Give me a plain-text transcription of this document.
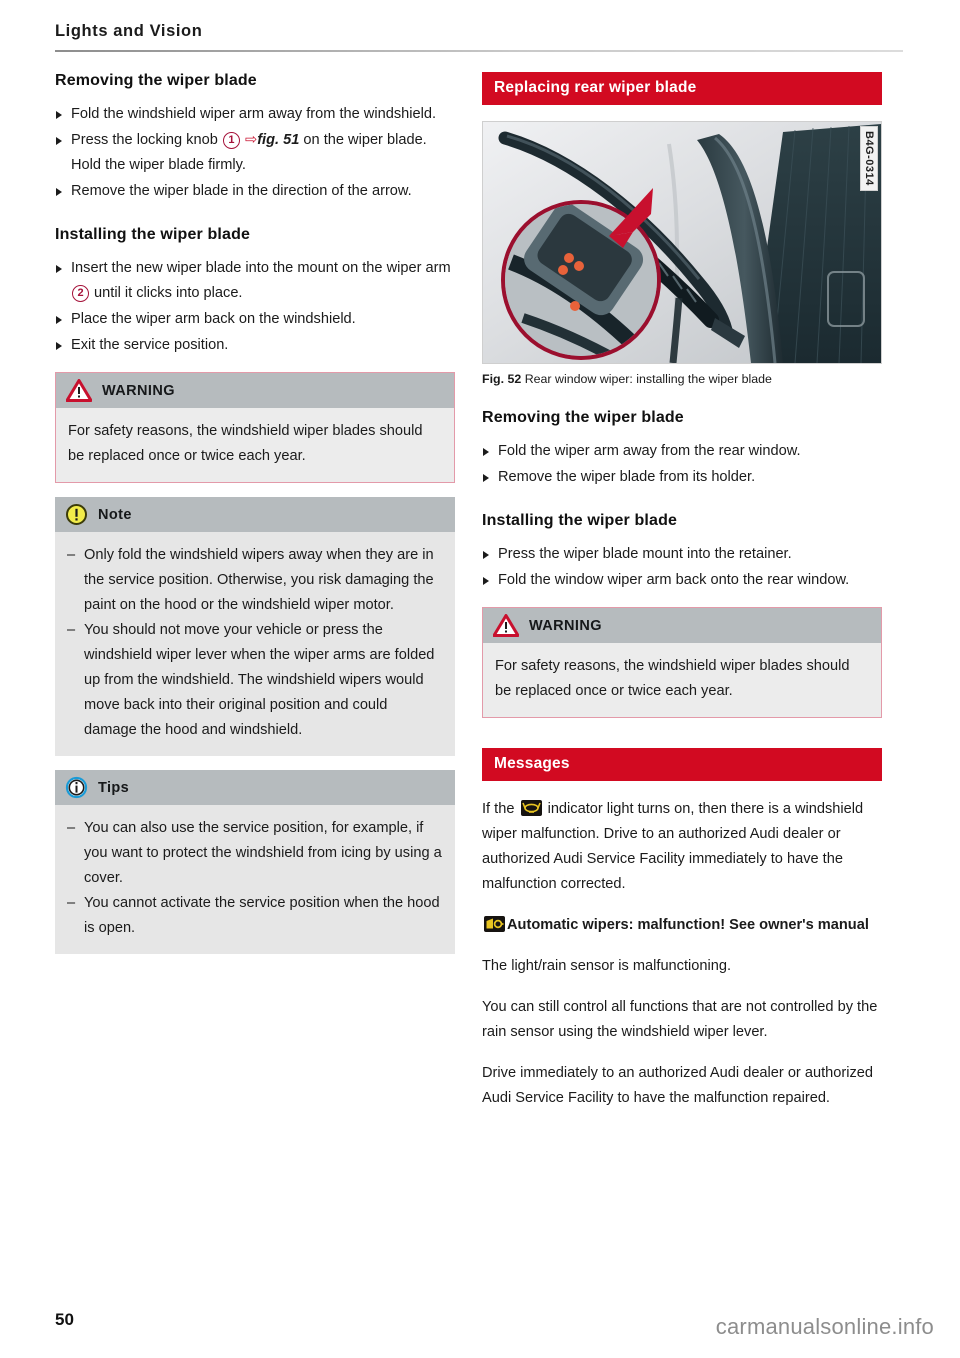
Lights and Vision
Removing the wiper blade
Fold the windshield wiper arm away from the windshield.
Press the locking knob 1 ⇨fig. 51 on the wiper blade. Hold the wiper blade firmly.
Remove the wiper blade in the direction of the arrow.
Installing the wiper blade
Insert the new wiper blade into the mount on the wiper arm 2 until it clicks into place.
Place the wiper arm back on the windshield.
Exit the service position.
WARNING

For safety reasons, the windshield wiper blades should be replaced once or twice each year.

Note
– Only fold the windshield wipers away when they are in the service position. Otherwise, you risk damaging the paint on the hood or the windshield wiper motor.
– You should not move your vehicle or press the windshield wiper lever when the wiper arms are folded up from the windshield. The windshield wipers would move back into their original position and could damage the hood and windshield.
Tips
– You can also use the service position, for example, if you want to protect the windshield from icing by using a cover.
– You cannot activate the service position when the hood is open.
Replacing rear wiper blade
B4G-0314
Fig. 52 Rear window wiper: installing the wiper blade
Removing the wiper blade
Fold the wiper arm away from the rear window.
Remove the wiper blade from its holder.
Installing the wiper blade
Press the wiper blade mount into the retainer.
Fold the window wiper arm back onto the rear window.
WARNING

For safety reasons, the windshield wiper blades should be replaced once or twice each year.

Messages

If the
indicator light turns on, then there is a windshield wiper malfunction. Drive to an authorized Audi dealer or authorized Audi Service Facility immediately to have the malfunction corrected.

Automatic wipers: malfunction! See owner's manual

The light/rain sensor is malfunctioning.

You can still control all functions that are not controlled by the rain sensor using the windshield wiper lever.

Drive immediately to an authorized Audi dealer or authorized Audi Service Facility to have the malfunction repaired.

50	carmanualsonline.info
